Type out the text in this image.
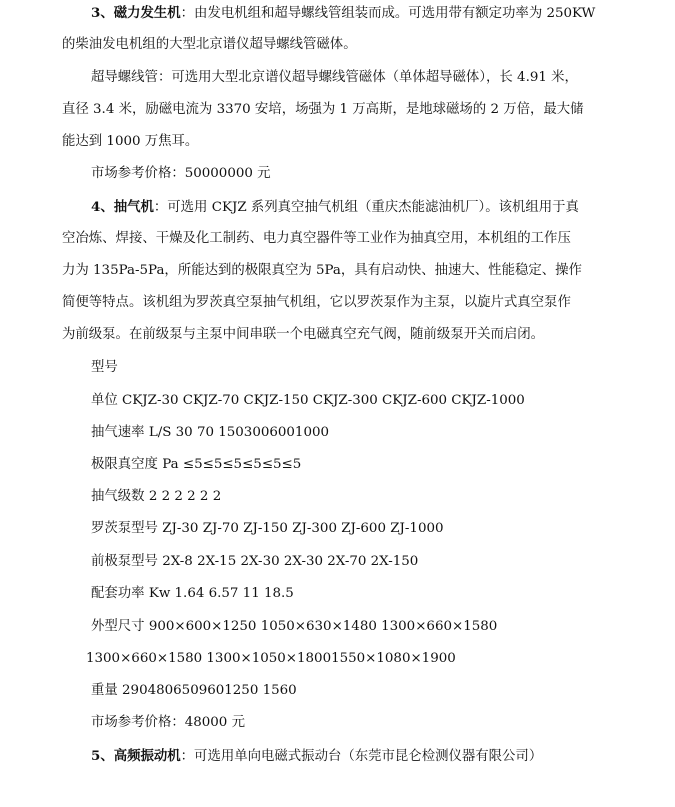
3、磁力发生机：由发电机组和超导螺线管组装而成。可选用带有额定功率为 250KW
的柴油发电机组的大型北京谱仪超导螺线管磁体。
超导螺线管：可选用大型北京谱仪超导螺线管磁体（单体超导磁体），长 4.91 米，
直径 3.4 米，励磁电流为 3370 安培，场强为 1 万高斯，是地球磁场的 2 万倍，最大储
能达到 1000 万焦耳。
市场参考价格：50000000 元
4、抽气机：可选用 CKJZ 系列真空抽气机组（重庆杰能滤油机厂）。该机组用于真
空冶炼、焊接、干燥及化工制药、电力真空器件等工业作为抽真空用，本机组的工作压
力为 135Pa-5Pa，所能达到的极限真空为 5Pa，具有启动快、抽速大、性能稳定、操作
简便等特点。该机组为罗茨真空泵抽气机组，它以罗茨泵作为主泵，以旋片式真空泵作
为前级泵。在前级泵与主泵中间串联一个电磁真空充气阀，随前级泵开关而启闭。
型号
单位 CKJZ-30 CKJZ-70 CKJZ-150 CKJZ-300 CKJZ-600 CKJZ-1000
抽气速率 L/S 30 70 1503006001000
极限真空度 Pa ≤5≤5≤5≤5≤5≤5
抽气级数 2 2 2 2 2 2
罗茨泵型号 ZJ-30 ZJ-70 ZJ-150 ZJ-300 ZJ-600 ZJ-1000
前极泵型号 2X-8 2X-15 2X-30 2X-30 2X-70 2X-150
配套功率 Kw 1.64 6.57 11 18.5
外型尺寸 900×600×1250 1050×630×1480 1300×660×1580
1300×660×1580 1300×1050×18001550×1080×1900
重量 290480650960​1250 1560
市场参考价格：48000 元
5、高频振动机：可选用单向电磁式振动台（东莞市昆仑检测仪器有限公司）
